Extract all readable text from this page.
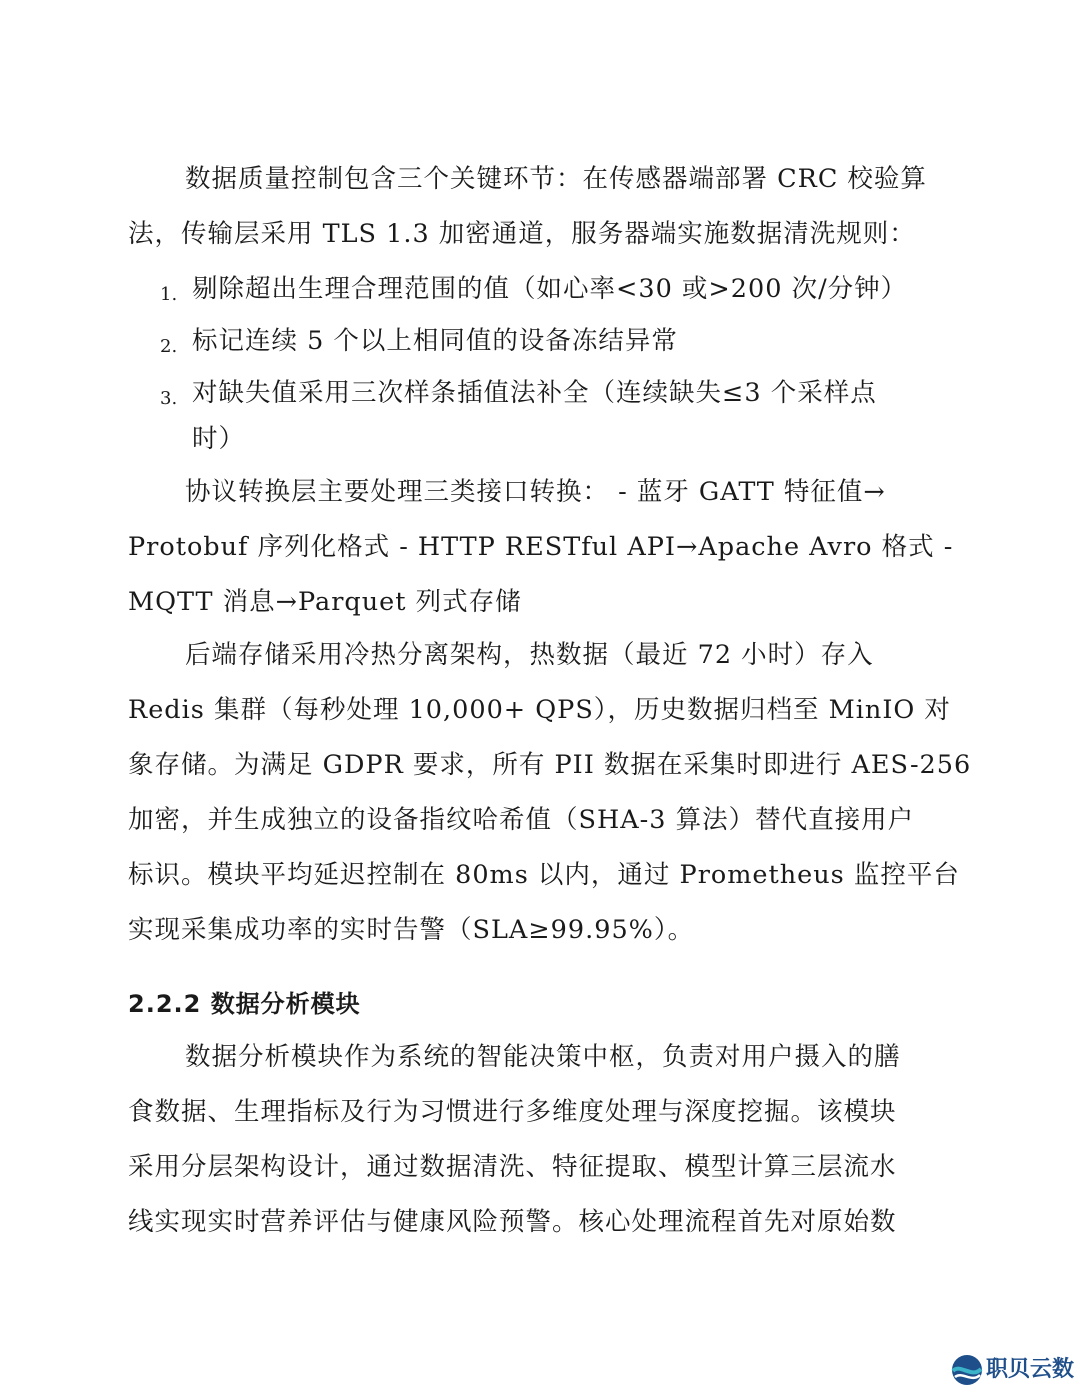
数据质量控制包含三个关键环节：在传感器端部署 CRC 校验算
法，传输层采用 TLS 1.3 加密通道，服务器端实施数据清洗规则：
1. 剔除超出生理合理范围的值（如心率<30 或>200 次/分钟）
2. 标记连续 5 个以上相同值的设备冻结异常
3. 对缺失值采用三次样条插值法补全（连续缺失≤3 个采样点
时）
协议转换层主要处理三类接口转换： - 蓝牙 GATT 特征值→
Protobuf 序列化格式 - HTTP RESTful API→Apache Avro 格式 -
MQTT 消息→Parquet 列式存储
后端存储采用冷热分离架构，热数据（最近 72 小时）存入
Redis 集群（每秒处理 10,000+ QPS），历史数据归档至 MinIO 对
象存储。为满足 GDPR 要求，所有 PII 数据在采集时即进行 AES-256
加密，并生成独立的设备指纹哈希值（SHA-3 算法）替代直接用户
标识。模块平均延迟控制在 80ms 以内，通过 Prometheus 监控平台
实现采集成功率的实时告警（SLA≥99.95%）。
2.2.2 数据分析模块
数据分析模块作为系统的智能决策中枢，负责对用户摄入的膳
食数据、生理指标及行为习惯进行多维度处理与深度挖掘。该模块
采用分层架构设计，通过数据清洗、特征提取、模型计算三层流水
线实现实时营养评估与健康风险预警。核心处理流程首先对原始数
职贝云数
